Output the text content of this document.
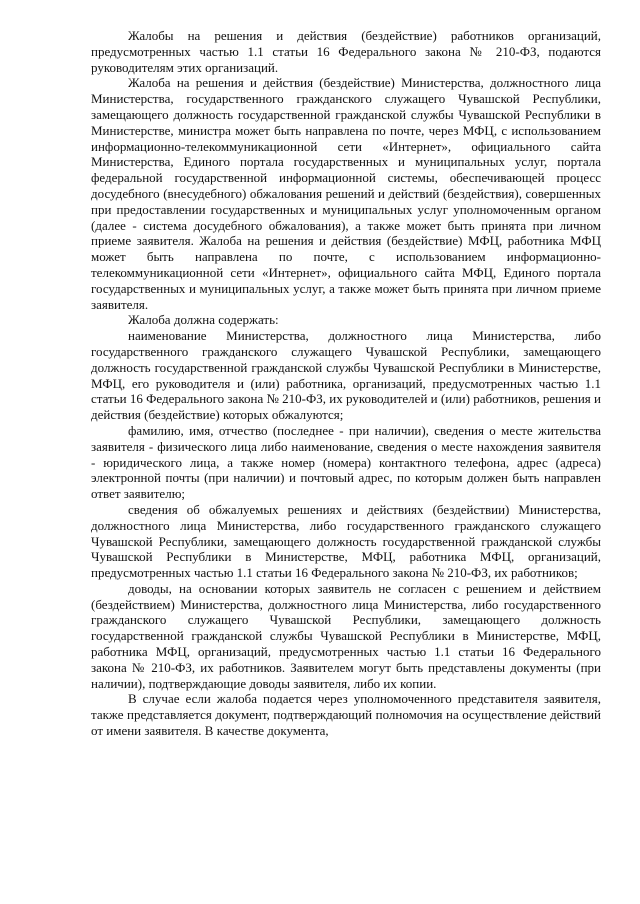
Жалобы на решения и действия (бездействие) работников организаций, предусмотренных частью 1.1 статьи 16 Федерального закона № 210-ФЗ, подаются руководителям этих организаций.

Жалоба на решения и действия (бездействие) Министерства, должностного лица Министерства, государственного гражданского служащего Чувашской Республики, замещающего должность государственной гражданской службы Чувашской Республики в Министерстве, министра может быть направлена по почте, через МФЦ, с использованием информационно-телекоммуникационной сети «Интернет», официального сайта Министерства, Единого портала государственных и муниципальных услуг, портала федеральной государственной информационной системы, обеспечивающей процесс досудебного (внесудебного) обжалования решений и действий (бездействия), совершенных при предоставлении государственных и муниципальных услуг уполномоченным органом (далее - система досудебного обжалования), а также может быть принята при личном приеме заявителя. Жалоба на решения и действия (бездействие) МФЦ, работника МФЦ может быть направлена по почте, с использованием информационно-телекоммуникационной сети «Интернет», официального сайта МФЦ, Единого портала государственных и муниципальных услуг, а также может быть принята при личном приеме заявителя.

Жалоба должна содержать:

наименование Министерства, должностного лица Министерства, либо государственного гражданского служащего Чувашской Республики, замещающего должность государственной гражданской службы Чувашской Республики в Министерстве, МФЦ, его руководителя и (или) работника, организаций, предусмотренных частью 1.1 статьи 16 Федерального закона № 210-ФЗ, их руководителей и (или) работников, решения и действия (бездействие) которых обжалуются;

фамилию, имя, отчество (последнее - при наличии), сведения о месте жительства заявителя - физического лица либо наименование, сведения о месте нахождения заявителя - юридического лица, а также номер (номера) контактного телефона, адрес (адреса) электронной почты (при наличии) и почтовый адрес, по которым должен быть направлен ответ заявителю;

сведения об обжалуемых решениях и действиях (бездействии) Министерства, должностного лица Министерства, либо государственного гражданского служащего Чувашской Республики, замещающего должность государственной гражданской службы Чувашской Республики в Министерстве, МФЦ, работника МФЦ, организаций, предусмотренных частью 1.1 статьи 16 Федерального закона № 210-ФЗ, их работников;

доводы, на основании которых заявитель не согласен с решением и действием (бездействием) Министерства, должностного лица Министерства, либо государственного гражданского служащего Чувашской Республики, замещающего должность государственной гражданской службы Чувашской Республики в Министерстве, МФЦ, работника МФЦ, организаций, предусмотренных частью 1.1 статьи 16 Федерального закона № 210-ФЗ, их работников. Заявителем могут быть представлены документы (при наличии), подтверждающие доводы заявителя, либо их копии.

В случае если жалоба подается через уполномоченного представителя заявителя, также представляется документ, подтверждающий полномочия на осуществление действий от имени заявителя. В качестве документа,
